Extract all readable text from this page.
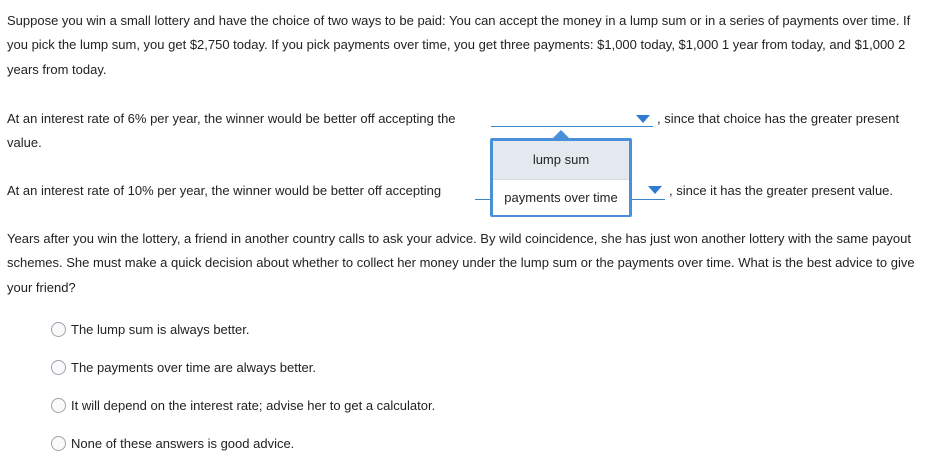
Suppose you win a small lottery and have the choice of two ways to be paid: You can accept the money in a lump sum or in a series of payments over time. If you pick the lump sum, you get $2,750 today. If you pick payments over time, you get three payments: $1,000 today, $1,000 1 year from today, and $1,000 2 years from today.
At an interest rate of 6% per year, the winner would be better off accepting the	, since that choice has the greater present
value.
At an interest rate of 10% per year, the winner would be better off accepting	, since it has the greater present value.
lump sum
payments over time
Years after you win the lottery, a friend in another country calls to ask your advice. By wild coincidence, she has just won another lottery with the same payout schemes. She must make a quick decision about whether to collect her money under the lump sum or the payments over time. What is the best advice to give your friend?
The lump sum is always better.
The payments over time are always better.
It will depend on the interest rate; advise her to get a calculator.
None of these answers is good advice.
